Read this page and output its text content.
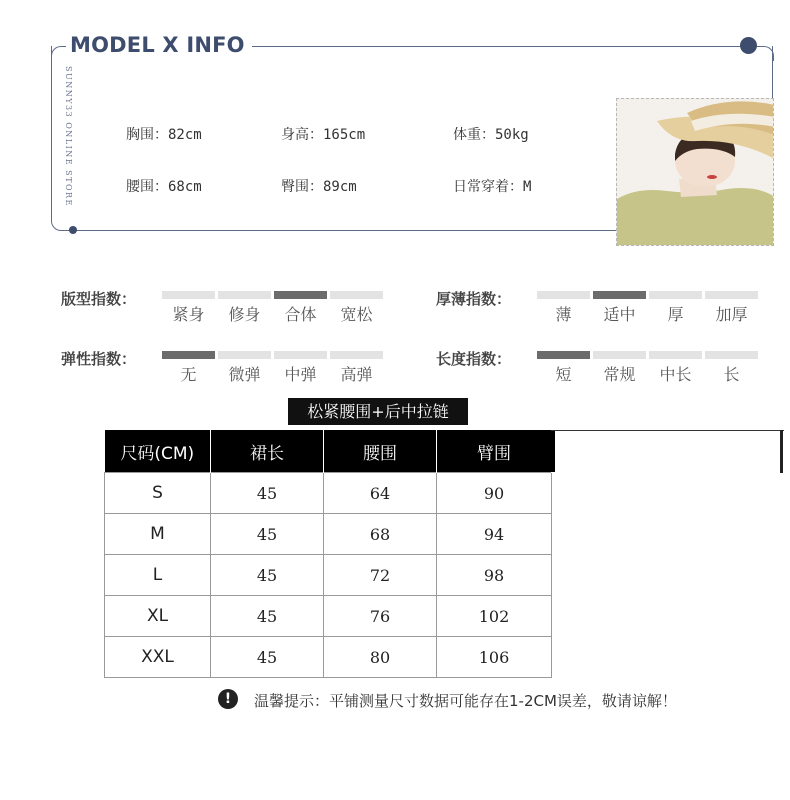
MODEL X INFO
SUNNY33 ONLINE STORE	胸围：82cm	身高：165cm	体重：50kg
腰围：68cm	臀围：89cm	日常穿着：M
版型指数：	厚薄指数：
弹性指数：	长度指数：
紧身	修身	合体	宽松	薄	适中	厚	加厚
无	微弹	中弹	高弹	短	常规	中长	长
松紧腰围+后中拉链
尺码(CM)	裙长	腰围	臂围
S	45	64	90
M	45	68	94
L	45	72	98
XL	45	76	102
XXL	45	80	106
!	温馨提示：平铺测量尺寸数据可能存在1-2CM误差，敬请谅解！
